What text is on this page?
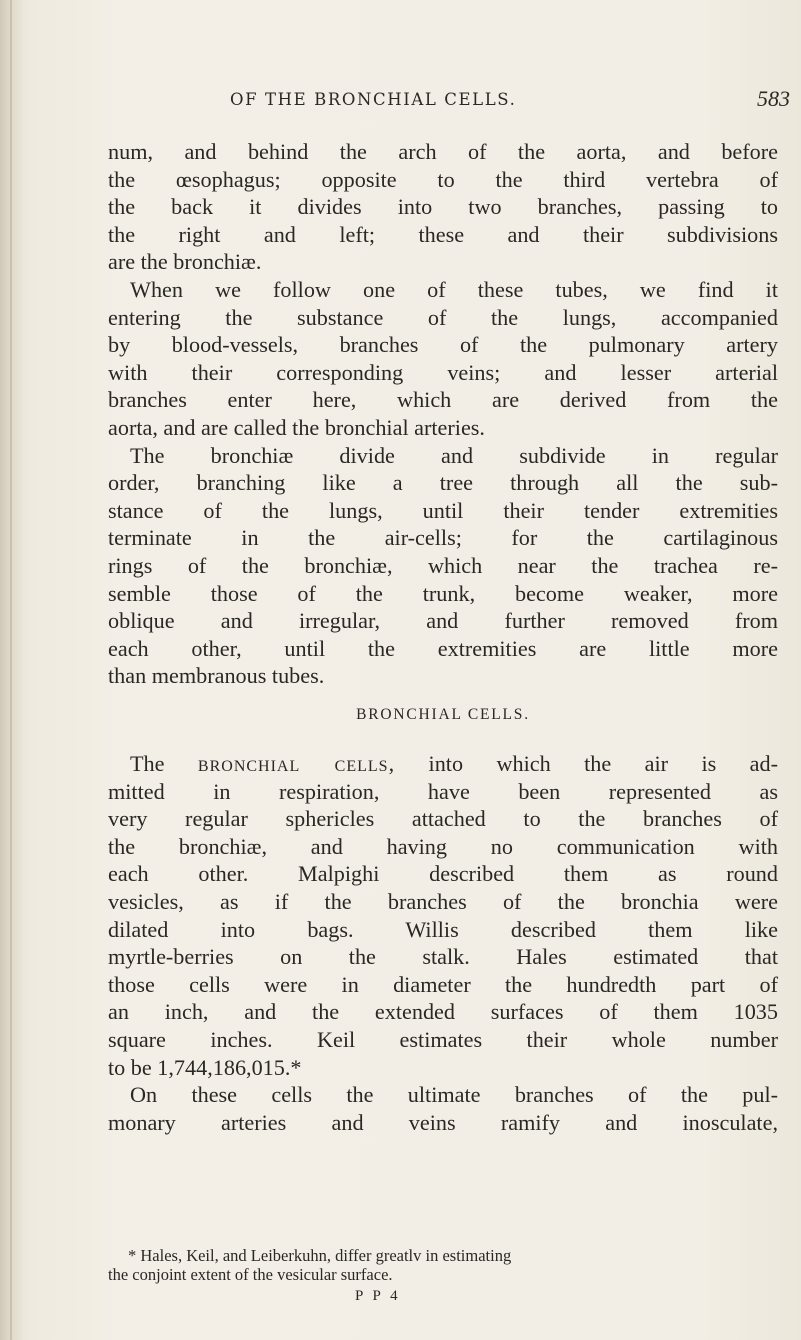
OF THE BRONCHIAL CELLS.	583
num, and behind the arch of the aorta, and before
the œsophagus; opposite to the third vertebra of
the back it divides into two branches, passing to
the right and left; these and their subdivisions
are the bronchiæ.
When we follow one of these tubes, we find it
entering the substance of the lungs, accompanied
by blood-vessels, branches of the pulmonary artery
with their corresponding veins; and lesser arterial
branches enter here, which are derived from the
aorta, and are called the bronchial arteries.
The bronchiæ divide and subdivide in regular
order, branching like a tree through all the sub-
stance of the lungs, until their tender extremities
terminate in the air-cells; for the cartilaginous
rings of the bronchiæ, which near the trachea re-
semble those of the trunk, become weaker, more
oblique and irregular, and further removed from
each other, until the extremities are little more
than membranous tubes.
BRONCHIAL CELLS.
The bronchial cells, into which the air is ad-
mitted in respiration, have been represented as
very regular sphericles attached to the branches of
the bronchiæ, and having no communication with
each other. Malpighi described them as round
vesicles, as if the branches of the bronchia were
dilated into bags. Willis described them like
myrtle-berries on the stalk. Hales estimated that
those cells were in diameter the hundredth part of
an inch, and the extended surfaces of them 1035
square inches. Keil estimates their whole number
to be 1,744,186,015.*
On these cells the ultimate branches of the pul-
monary arteries and veins ramify and inosculate,
* Hales, Keil, and Leiberkuhn, differ greatlv in estimating
the conjoint extent of the vesicular surface.
P P 4
